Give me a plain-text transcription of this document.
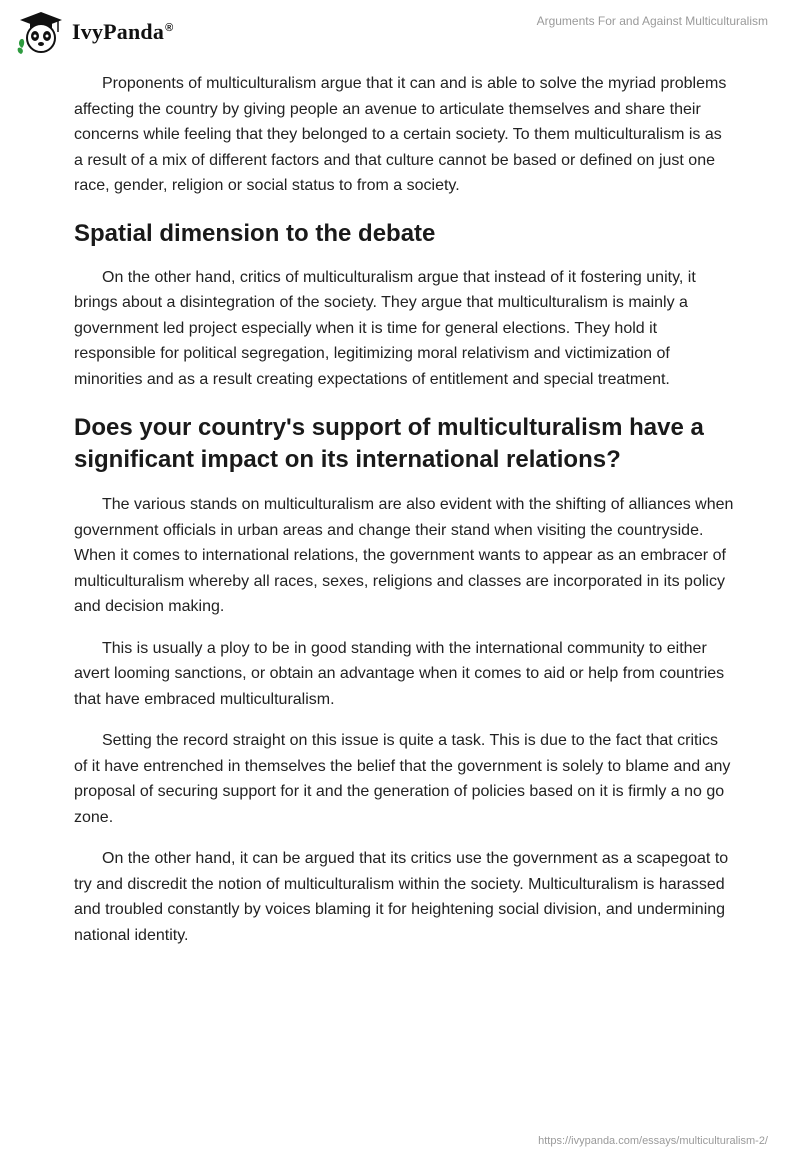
IvyPanda®	Arguments For and Against Multiculturalism

Proponents of multiculturalism argue that it can and is able to solve the myriad problems affecting the country by giving people an avenue to articulate themselves and share their concerns while feeling that they belonged to a certain society. To them multiculturalism is as a result of a mix of different factors and that culture cannot be based or defined on just one race, gender, religion or social status to from a society.

Spatial dimension to the debate

On the other hand, critics of multiculturalism argue that instead of it fostering unity, it brings about a disintegration of the society. They argue that multiculturalism is mainly a government led project especially when it is time for general elections. They hold it responsible for political segregation, legitimizing moral relativism and victimization of minorities and as a result creating expectations of entitlement and special treatment.

Does your country's support of multiculturalism have a significant impact on its international relations?

The various stands on multiculturalism are also evident with the shifting of alliances when government officials in urban areas and change their stand when visiting the countryside. When it comes to international relations, the government wants to appear as an embracer of multiculturalism whereby all races, sexes, religions and classes are incorporated in its policy and decision making.

This is usually a ploy to be in good standing with the international community to either avert looming sanctions, or obtain an advantage when it comes to aid or help from countries that have embraced multiculturalism.

Setting the record straight on this issue is quite a task. This is due to the fact that critics of it have entrenched in themselves the belief that the government is solely to blame and any proposal of securing support for it and the generation of policies based on it is firmly a no go zone.

On the other hand, it can be argued that its critics use the government as a scapegoat to try and discredit the notion of multiculturalism within the society. Multiculturalism is harassed and troubled constantly by voices blaming it for heightening social division, and undermining national identity.

https://ivypanda.com/essays/multiculturalism-2/
